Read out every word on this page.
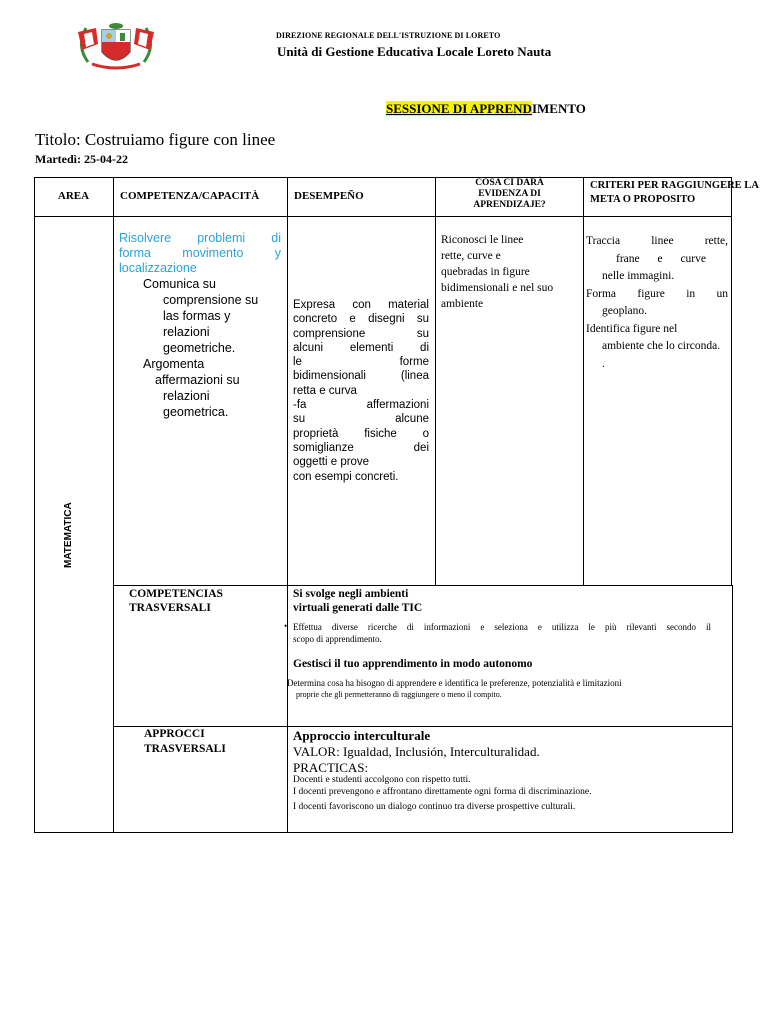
DIREZIONE REGIONALE DELL'ISTRUZIONE DI LORETO
Unità di Gestione Educativa Locale Loreto Nauta
SESSIONE DI APPRENDIMENTO
Titolo: Costruiamo figure con linee
Martedì: 25-04-22
AREA	COMPETENZA/CAPACITÀ	DESEMPEÑO
COSA CI DARÀ
EVIDENZA DI
APRENDIZAJE?
CRITERI PER RAGGIUNGERE LA
META O PROPOSITO
MATEMATICA
Risolvere problemi di
forma movimento y
localizzazione
Comunica su
comprensione su
las formas y
relazioni
geometriche.
Argomenta
affermazioni su
relazioni
geometrica.
Expresa con material
concreto e disegni su
comprensione su
alcuni elementi di
le forme
bidimensionali (linea
retta e curva
-fa affermazioni
su alcune
proprietà fisiche o
somiglianze dei
oggetti e prove
con esempi concreti.
Riconosci le linee
rette, curve e
quebradas in figure
bidimensionali e nel suo
ambiente
Traccia linee rette,
frane e curve
nelle immagini.
Forma figure in un
geoplano.
Identifica figure nel
ambiente che lo circonda.
.
COMPETENCIAS
TRASVERSALI
Si svolge negli ambienti
virtuali generati dalle TIC
• Effettua diverse ricerche di informazioni e seleziona e utilizza le più rilevanti secondo il
scopo di apprendimento.
Gestisci il tuo apprendimento in modo autonomo
Determina cosa ha bisogno di apprendere e identifica le preferenze, potenzialità e limitazioni
proprie che gli permetteranno di raggiungere o meno il compito.
APPROCCI
TRASVERSALI
Approccio interculturale
VALOR: Igualdad, Inclusión, Interculturalidad.
PRACTICAS:
Docenti e studenti accolgono con rispetto tutti.
I docenti prevengono e affrontano direttamente ogni forma di discriminazione.
I docenti favoriscono un dialogo continuo tra diverse prospettive culturali.
